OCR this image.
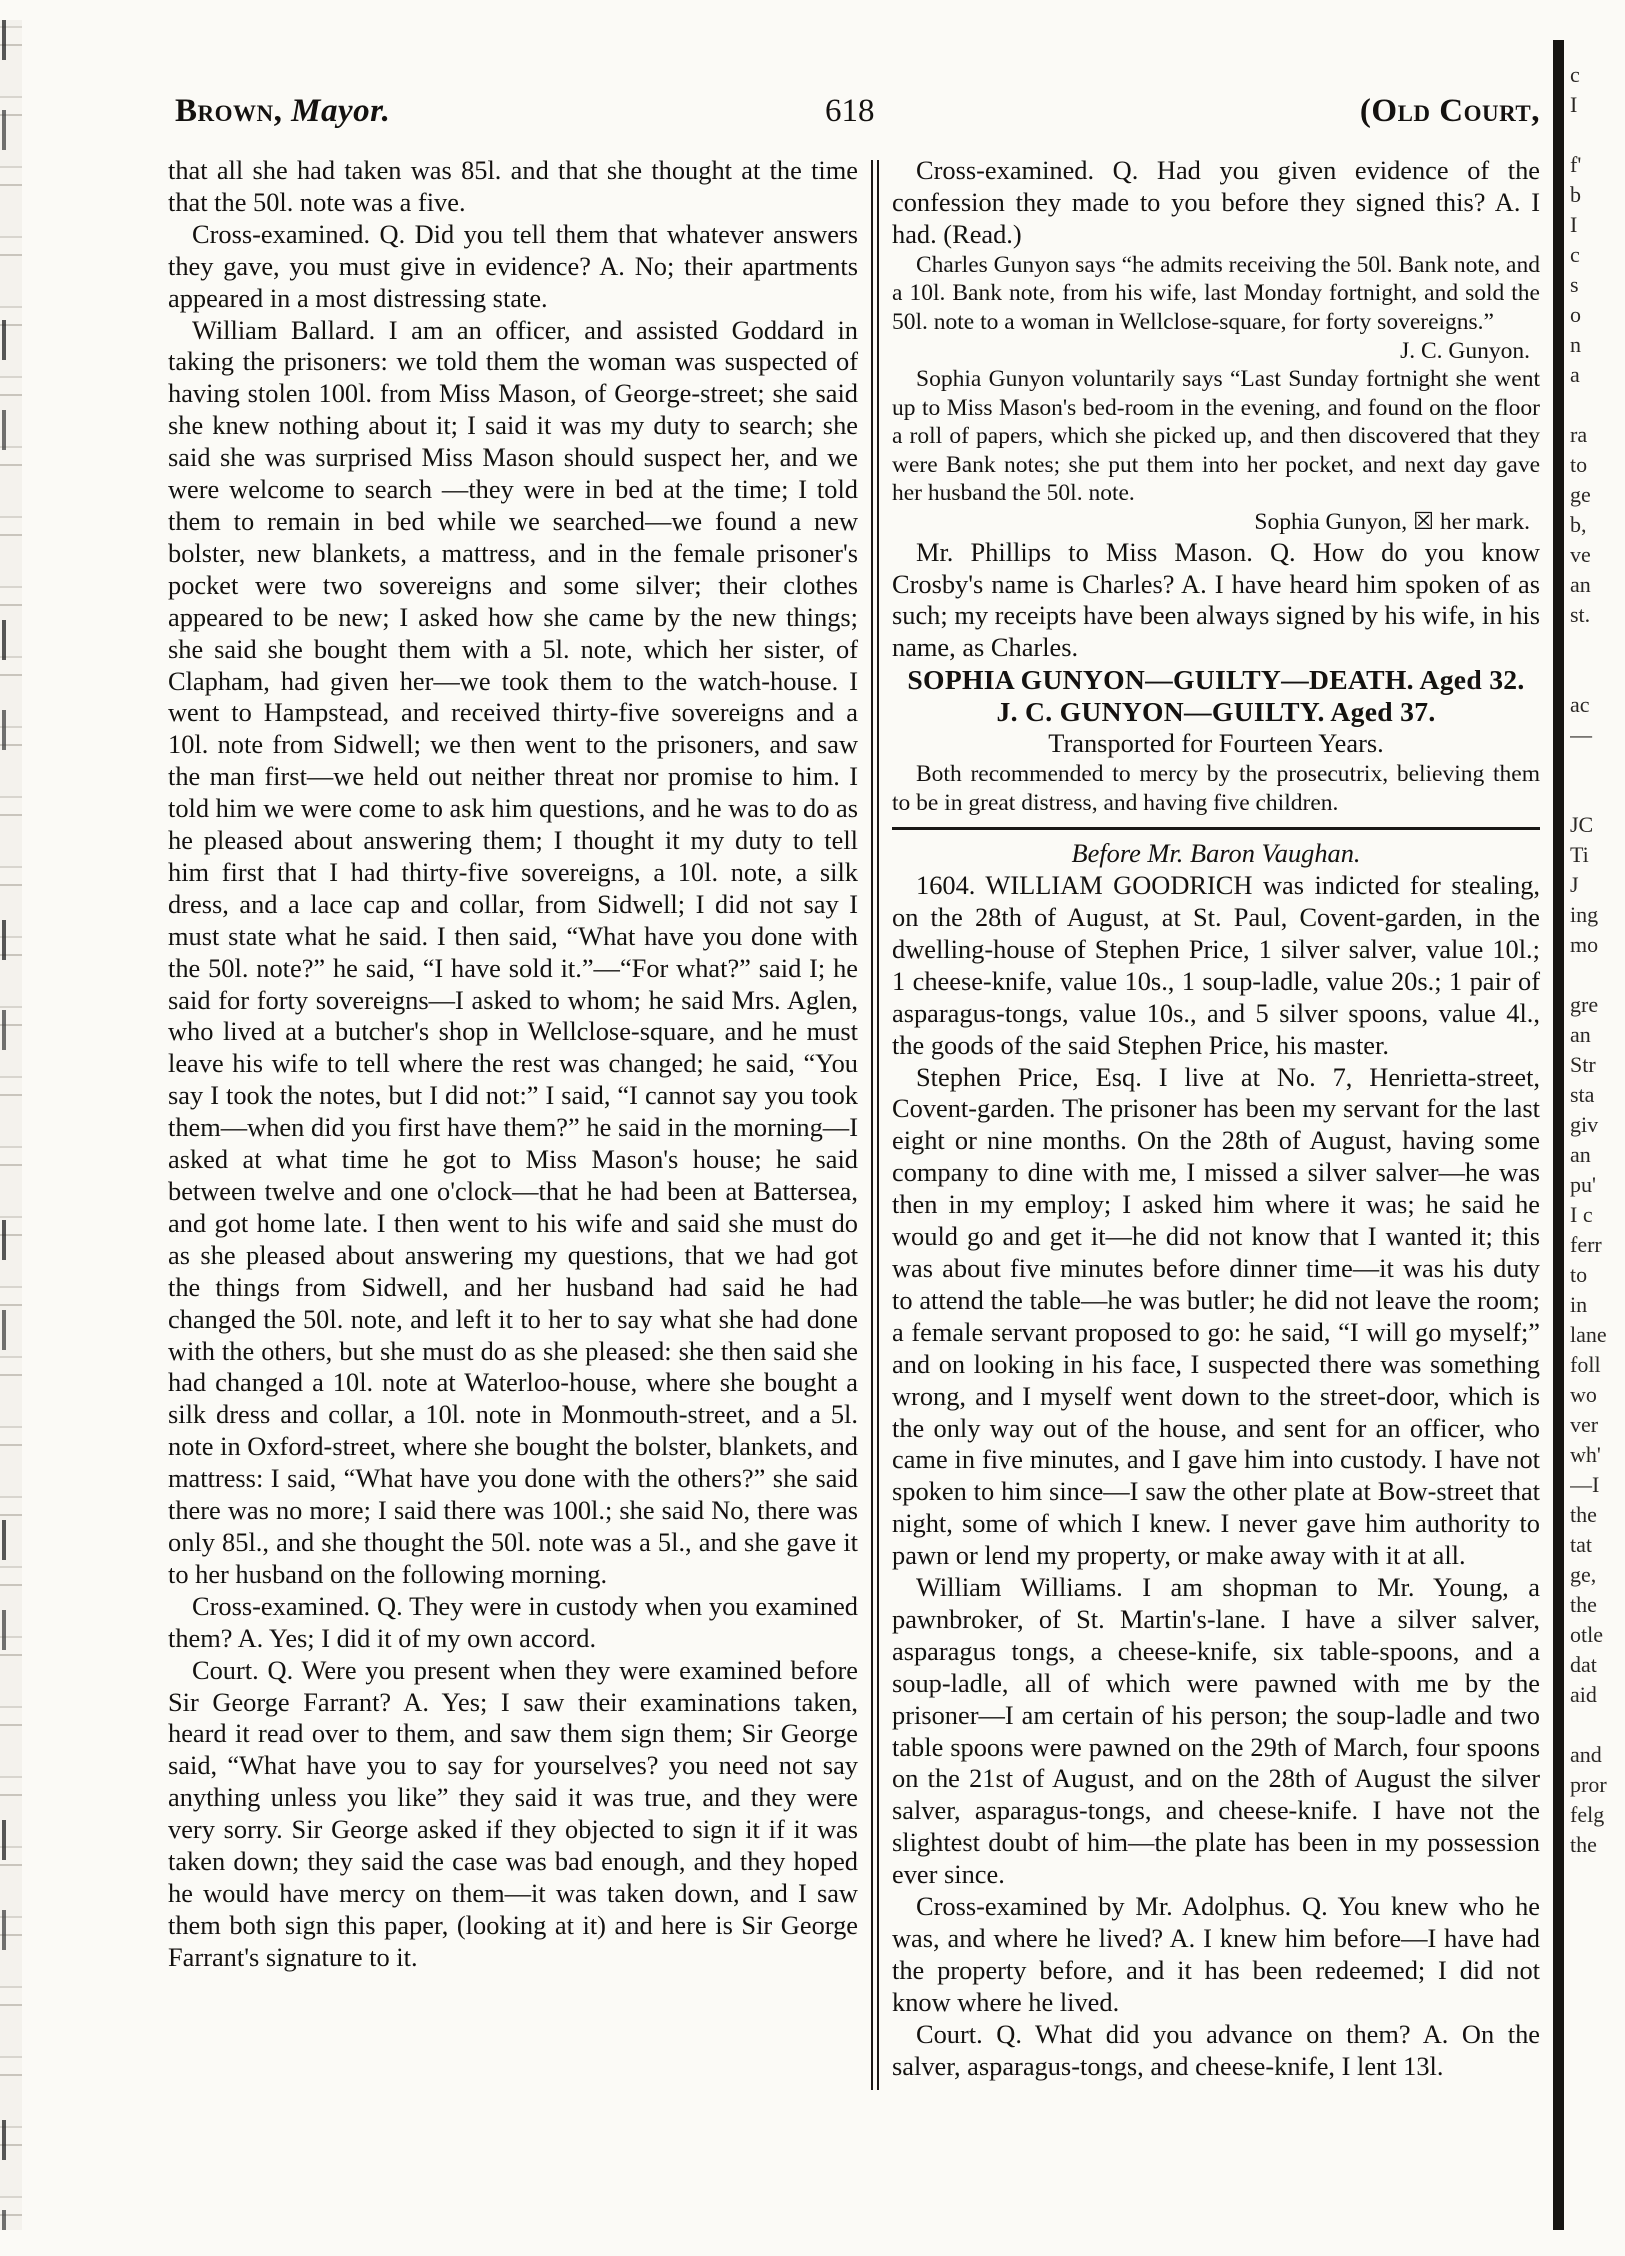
Brown, Mayor.	618	(Old Court,

that all she had taken was 85l. and that she thought at the time that the 50l. note was a five.

Cross-examined. Q. Did you tell them that whatever answers they gave, you must give in evidence? A. No; their apartments appeared in a most distressing state.

William Ballard. I am an officer, and assisted Goddard in taking the prisoners: we told them the woman was suspected of having stolen 100l. from Miss Mason, of George-street; she said she knew nothing about it; I said it was my duty to search; she said she was surprised Miss Mason should suspect her, and we were welcome to search —they were in bed at the time; I told them to remain in bed while we searched—we found a new bolster, new blankets, a mattress, and in the female prisoner's pocket were two sovereigns and some silver; their clothes appeared to be new; I asked how she came by the new things; she said she bought them with a 5l. note, which her sister, of Clapham, had given her—we took them to the watch-house. I went to Hampstead, and received thirty-five sovereigns and a 10l. note from Sidwell; we then went to the prisoners, and saw the man first—we held out neither threat nor promise to him. I told him we were come to ask him questions, and he was to do as he pleased about answering them; I thought it my duty to tell him first that I had thirty-five sovereigns, a 10l. note, a silk dress, and a lace cap and collar, from Sidwell; I did not say I must state what he said. I then said, “What have you done with the 50l. note?” he said, “I have sold it.”—“For what?” said I; he said for forty sovereigns—I asked to whom; he said Mrs. Aglen, who lived at a butcher's shop in Wellclose-square, and he must leave his wife to tell where the rest was changed; he said, “You say I took the notes, but I did not:” I said, “I cannot say you took them—when did you first have them?” he said in the morning—I asked at what time he got to Miss Mason's house; he said between twelve and one o'clock—that he had been at Battersea, and got home late. I then went to his wife and said she must do as she pleased about answering my questions, that we had got the things from Sidwell, and her husband had said he had changed the 50l. note, and left it to her to say what she had done with the others, but she must do as she pleased: she then said she had changed a 10l. note at Waterloo-house, where she bought a silk dress and collar, a 10l. note in Monmouth-street, and a 5l. note in Oxford-street, where she bought the bolster, blankets, and mattress: I said, “What have you done with the others?” she said there was no more; I said there was 100l.; she said No, there was only 85l., and she thought the 50l. note was a 5l., and she gave it to her husband on the following morning.

Cross-examined. Q. They were in custody when you examined them? A. Yes; I did it of my own accord.

Court. Q. Were you present when they were examined before Sir George Farrant? A. Yes; I saw their examinations taken, heard it read over to them, and saw them sign them; Sir George said, “What have you to say for yourselves? you need not say anything unless you like” they said it was true, and they were very sorry. Sir George asked if they objected to sign it if it was taken down; they said the case was bad enough, and they hoped he would have mercy on them—it was taken down, and I saw them both sign this paper, (looking at it) and here is Sir George Farrant's signature to it.

Cross-examined. Q. Had you given evidence of the confession they made to you before they signed this? A. I had. (Read.)

Charles Gunyon says “he admits receiving the 50l. Bank note, and a 10l. Bank note, from his wife, last Monday fortnight, and sold the 50l. note to a woman in Wellclose-square, for forty sovereigns.”

J. C. Gunyon.

Sophia Gunyon voluntarily says “Last Sunday fortnight she went up to Miss Mason's bed-room in the evening, and found on the floor a roll of papers, which she picked up, and then discovered that they were Bank notes; she put them into her pocket, and next day gave her husband the 50l. note.

Sophia Gunyon, ☒ her mark.

Mr. Phillips to Miss Mason. Q. How do you know Crosby's name is Charles? A. I have heard him spoken of as such; my receipts have been always signed by his wife, in his name, as Charles.

SOPHIA GUNYON—GUILTY—DEATH. Aged 32.

J. C. GUNYON—GUILTY. Aged 37.

Transported for Fourteen Years.

Both recommended to mercy by the prosecutrix, believing them to be in great distress, and having five children.

Before Mr. Baron Vaughan.

1604. WILLIAM GOODRICH was indicted for stealing, on the 28th of August, at St. Paul, Covent-garden, in the dwelling-house of Stephen Price, 1 silver salver, value 10l.; 1 cheese-knife, value 10s., 1 soup-ladle, value 20s.; 1 pair of asparagus-tongs, value 10s., and 5 silver spoons, value 4l., the goods of the said Stephen Price, his master.

Stephen Price, Esq. I live at No. 7, Henrietta-street, Covent-garden. The prisoner has been my servant for the last eight or nine months. On the 28th of August, having some company to dine with me, I missed a silver salver—he was then in my employ; I asked him where it was; he said he would go and get it—he did not know that I wanted it; this was about five minutes before dinner time—it was his duty to attend the table—he was butler; he did not leave the room; a female servant proposed to go: he said, “I will go myself;” and on looking in his face, I suspected there was something wrong, and I myself went down to the street-door, which is the only way out of the house, and sent for an officer, who came in five minutes, and I gave him into custody. I have not spoken to him since—I saw the other plate at Bow-street that night, some of which I knew. I never gave him authority to pawn or lend my property, or make away with it at all.

William Williams. I am shopman to Mr. Young, a pawnbroker, of St. Martin's-lane. I have a silver salver, asparagus tongs, a cheese-knife, six table-spoons, and a soup-ladle, all of which were pawned with me by the prisoner—I am certain of his person; the soup-ladle and two table spoons were pawned on the 29th of March, four spoons on the 21st of August, and on the 28th of August the silver salver, asparagus-tongs, and cheese-knife. I have not the slightest doubt of him—the plate has been in my possession ever since.

Cross-examined by Mr. Adolphus. Q. You knew who he was, and where he lived? A. I knew him before—I have had the property before, and it has been redeemed; I did not know where he lived.

Court. Q. What did you advance on them? A. On the salver, asparagus-tongs, and cheese-knife, I lent 13l.

c
I

f'
b
I
c
s
o
n
a

ra
to
ge
b,
ve
an
st.

ac
—

JC
Ti
J
ing
mo

gre
an
Str
sta
giv
an
pu'
I c
ferr
to
in
lane
foll
wo
ver
wh'
—I
the
tat
ge,
the
otle
dat
aid

and
pror
felg
the
